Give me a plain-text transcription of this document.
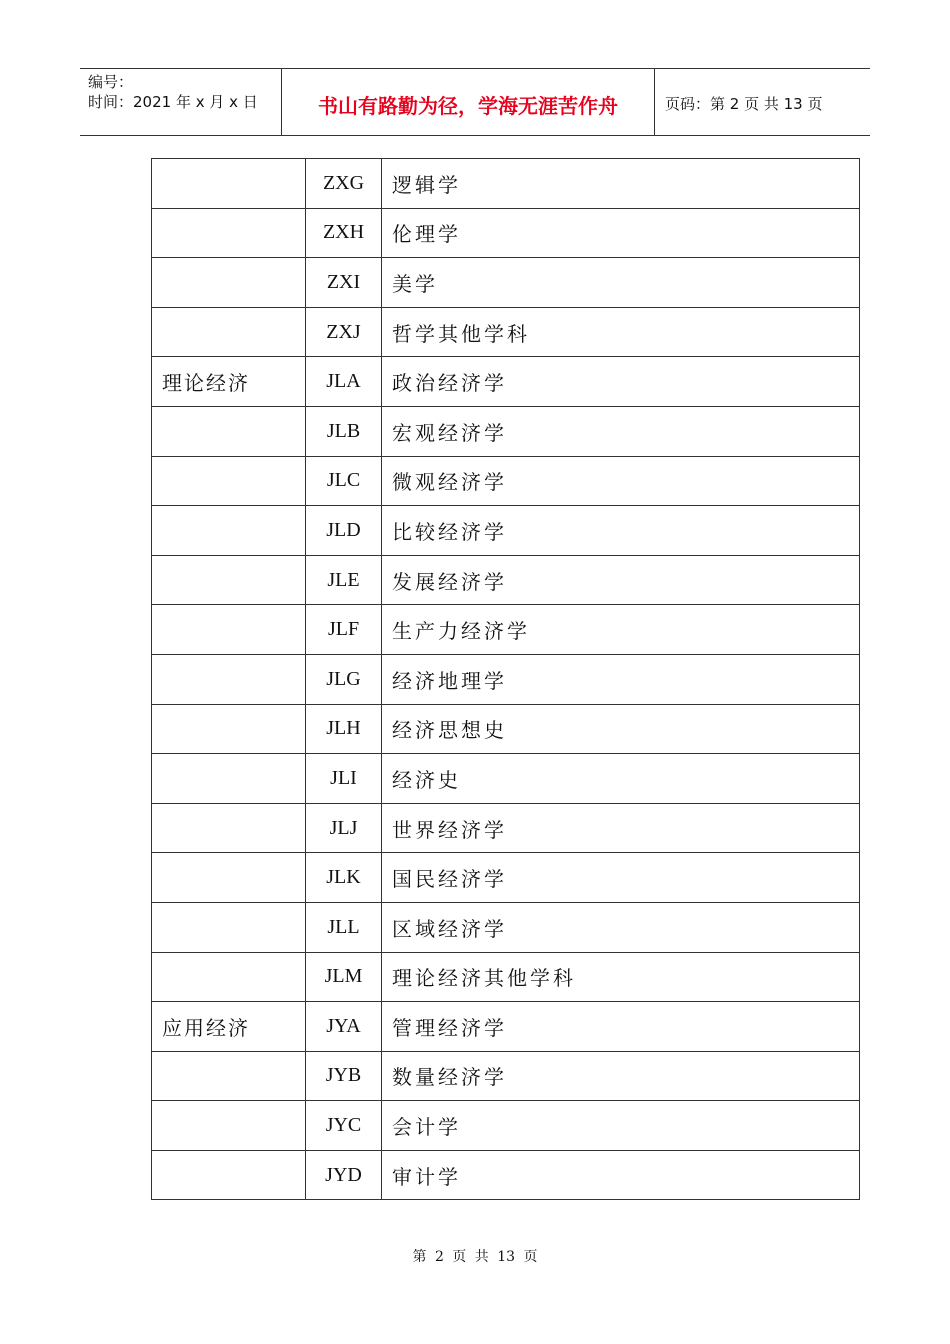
编号：
时间：2021 年 x 月 x 日	书山有路勤为径，学海无涯苦作舟	页码：第 2 页 共 13 页
	ZXG	逻辑学
	ZXH	伦理学
	ZXI	美学
	ZXJ	哲学其他学科
理论经济	JLA	政治经济学
	JLB	宏观经济学
	JLC	微观经济学
	JLD	比较经济学
	JLE	发展经济学
	JLF	生产力经济学
	JLG	经济地理学
	JLH	经济思想史
	JLI	经济史
	JLJ	世界经济学
	JLK	国民经济学
	JLL	区域经济学
	JLM	理论经济其他学科
应用经济	JYA	管理经济学
	JYB	数量经济学
	JYC	会计学
	JYD	审计学
第 2 页 共 13 页
